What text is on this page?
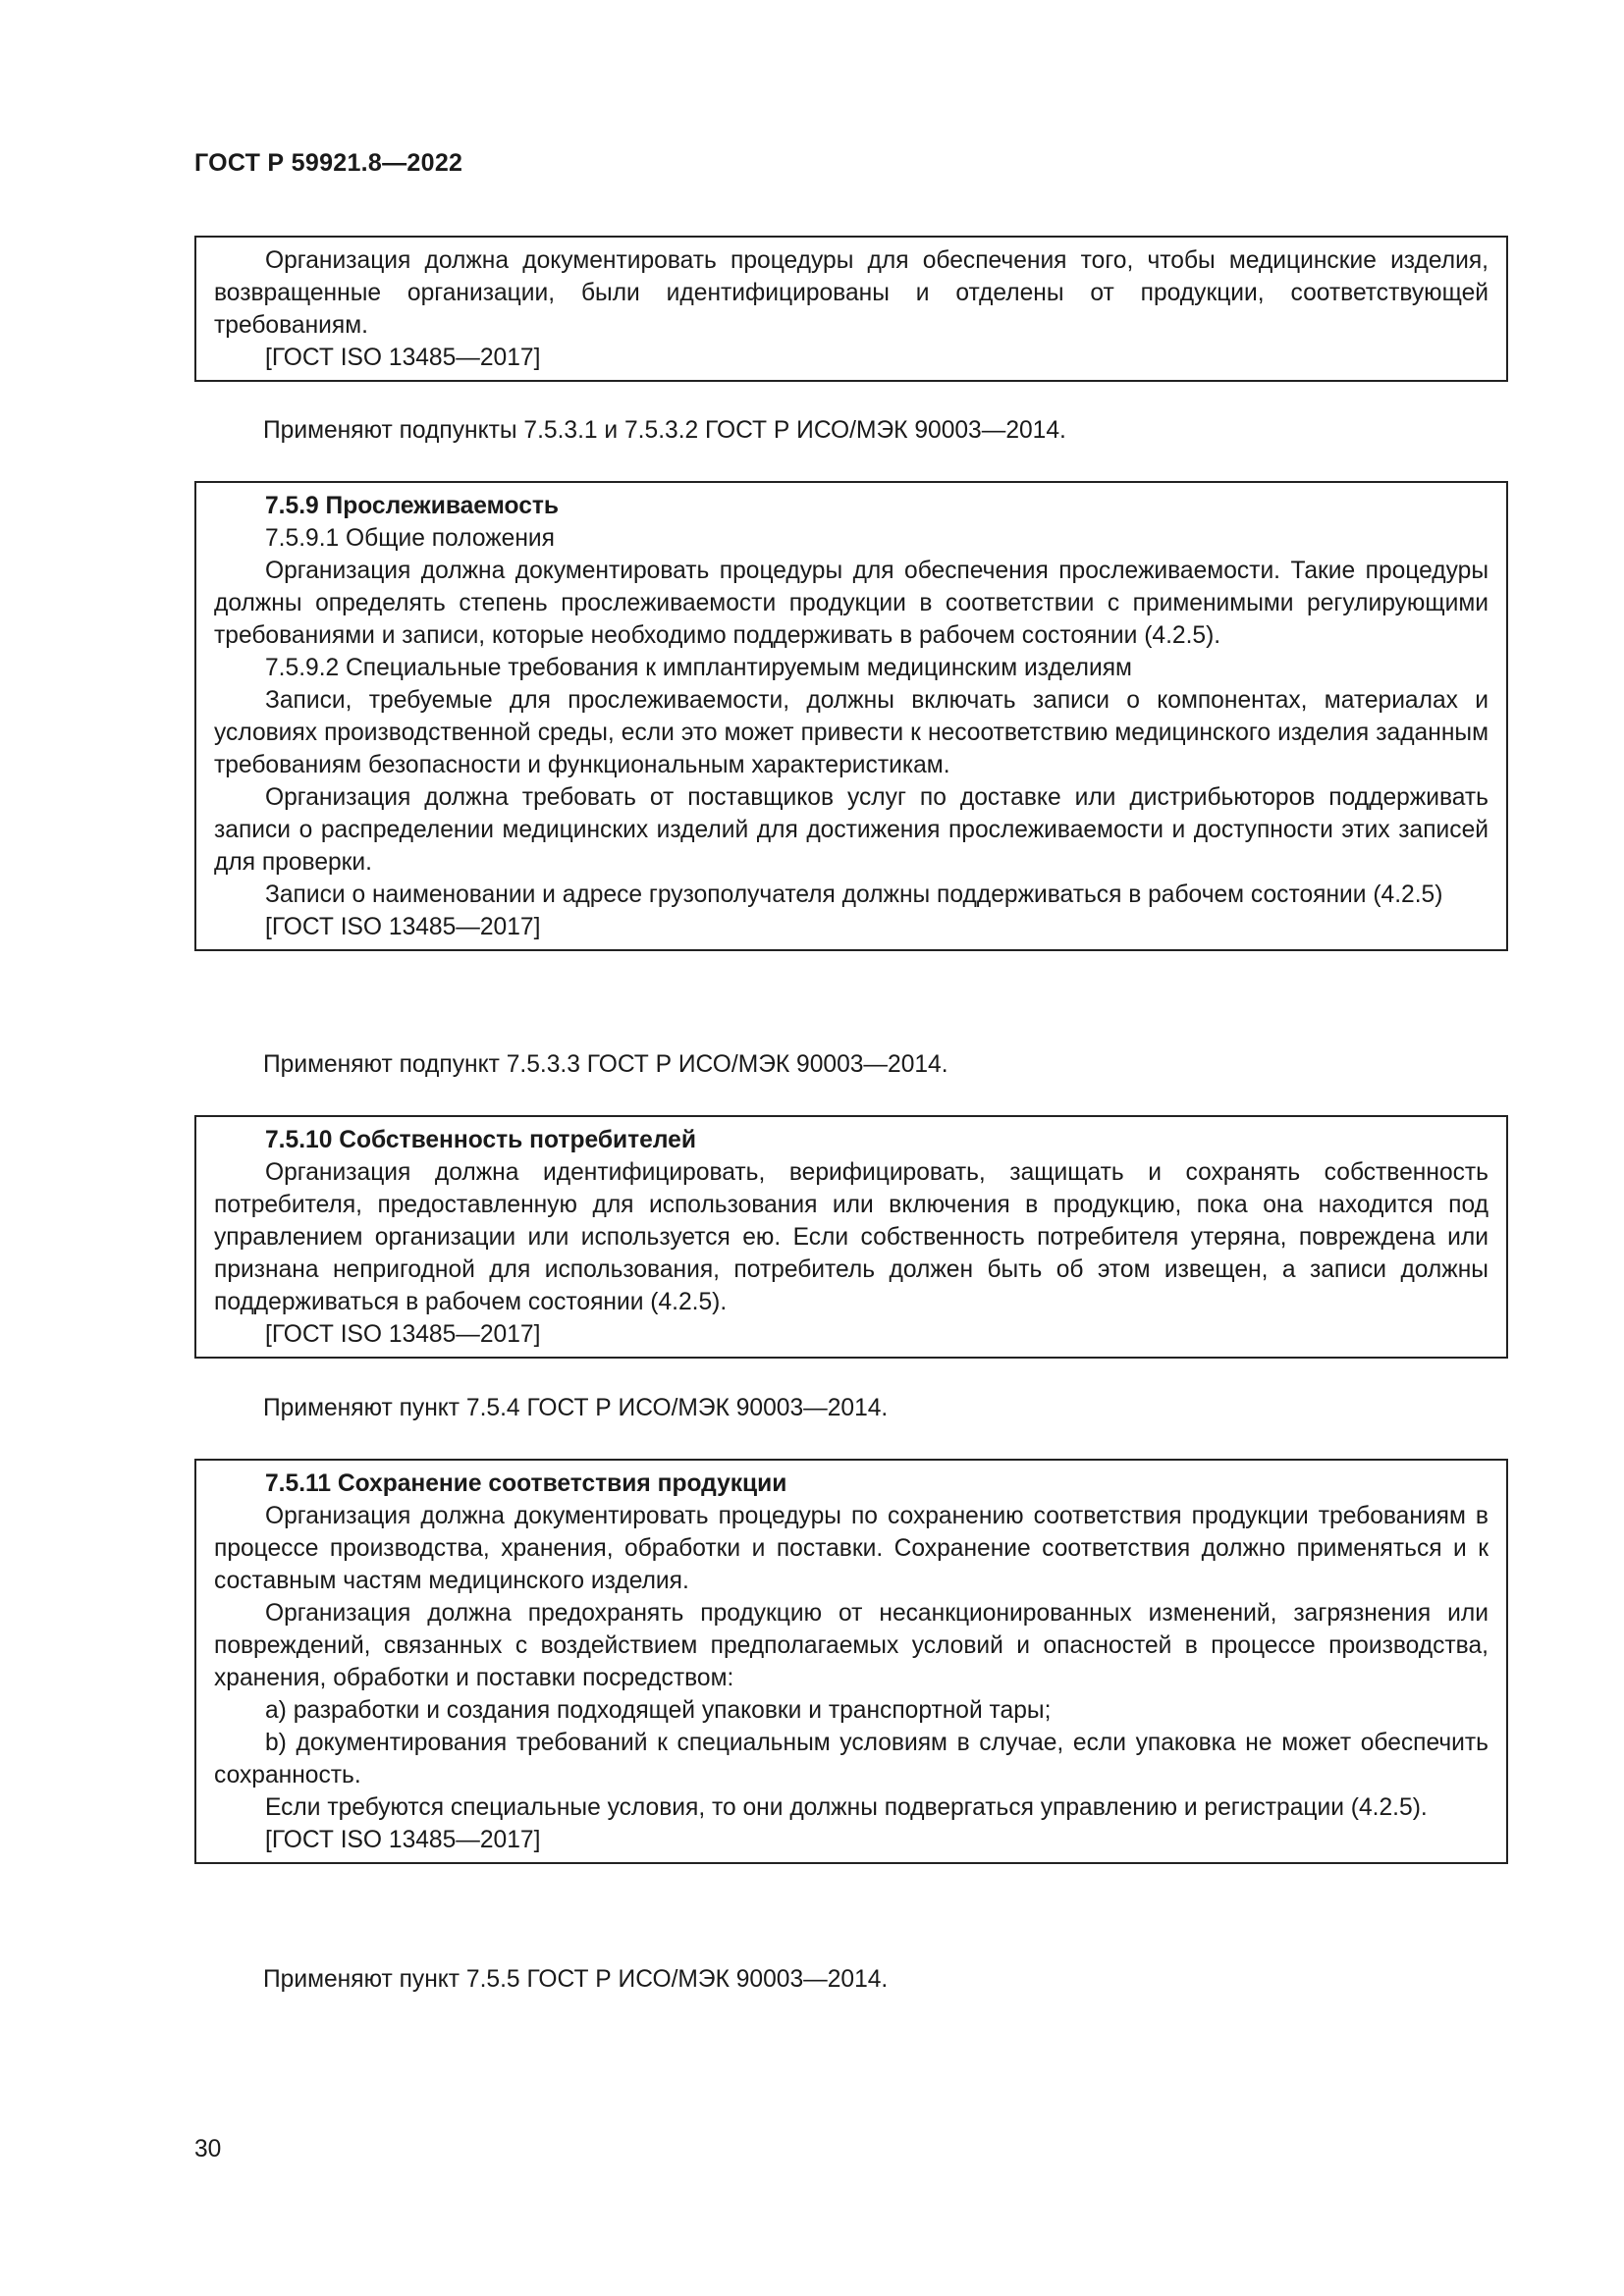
ГОСТ Р 59921.8—2022

Организация должна документировать процедуры для обеспечения того, чтобы медицинские изделия, возвращенные организации, были идентифицированы и отделены от продукции, соответствующей требованиям.

[ГОСТ ISO 13485—2017]

Применяют подпункты 7.5.3.1 и 7.5.3.2 ГОСТ Р ИСО/МЭК 90003—2014.

7.5.9 Прослеживаемость

7.5.9.1 Общие положения

Организация должна документировать процедуры для обеспечения прослеживаемости. Такие процедуры должны определять степень прослеживаемости продукции в соответствии с применимыми регулирующими требованиями и записи, которые необходимо поддерживать в рабочем состоянии (4.2.5).

7.5.9.2 Специальные требования к имплантируемым медицинским изделиям

Записи, требуемые для прослеживаемости, должны включать записи о компонентах, материалах и условиях производственной среды, если это может привести к несоответствию медицинского изделия заданным требованиям безопасности и функциональным характеристикам.

Организация должна требовать от поставщиков услуг по доставке или дистрибьюторов поддерживать записи о распределении медицинских изделий для достижения прослеживаемости и доступности этих записей для проверки.

Записи о наименовании и адресе грузополучателя должны поддерживаться в рабочем состоянии (4.2.5)

[ГОСТ ISO 13485—2017]

Применяют подпункт 7.5.3.3 ГОСТ Р ИСО/МЭК 90003—2014.

7.5.10 Собственность потребителей

Организация должна идентифицировать, верифицировать, защищать и сохранять собственность потребителя, предоставленную для использования или включения в продукцию, пока она находится под управлением организации или используется ею. Если собственность потребителя утеряна, повреждена или признана непригодной для использования, потребитель должен быть об этом извещен, а записи должны поддерживаться в рабочем состоянии (4.2.5).

[ГОСТ ISO 13485—2017]

Применяют пункт 7.5.4 ГОСТ Р ИСО/МЭК 90003—2014.

7.5.11 Сохранение соответствия продукции

Организация должна документировать процедуры по сохранению соответствия продукции требованиям в процессе производства, хранения, обработки и поставки. Сохранение соответствия должно применяться и к составным частям медицинского изделия.

Организация должна предохранять продукцию от несанкционированных изменений, загрязнения или повреждений, связанных с воздействием предполагаемых условий и опасностей в процессе производства, хранения, обработки и поставки посредством:

а) разработки и создания подходящей упаковки и транспортной тары;

b) документирования требований к специальным условиям в случае, если упаковка не может обеспечить сохранность.

Если требуются специальные условия, то они должны подвергаться управлению и регистрации (4.2.5).

[ГОСТ ISO 13485—2017]

Применяют пункт 7.5.5 ГОСТ Р ИСО/МЭК 90003—2014.
30
